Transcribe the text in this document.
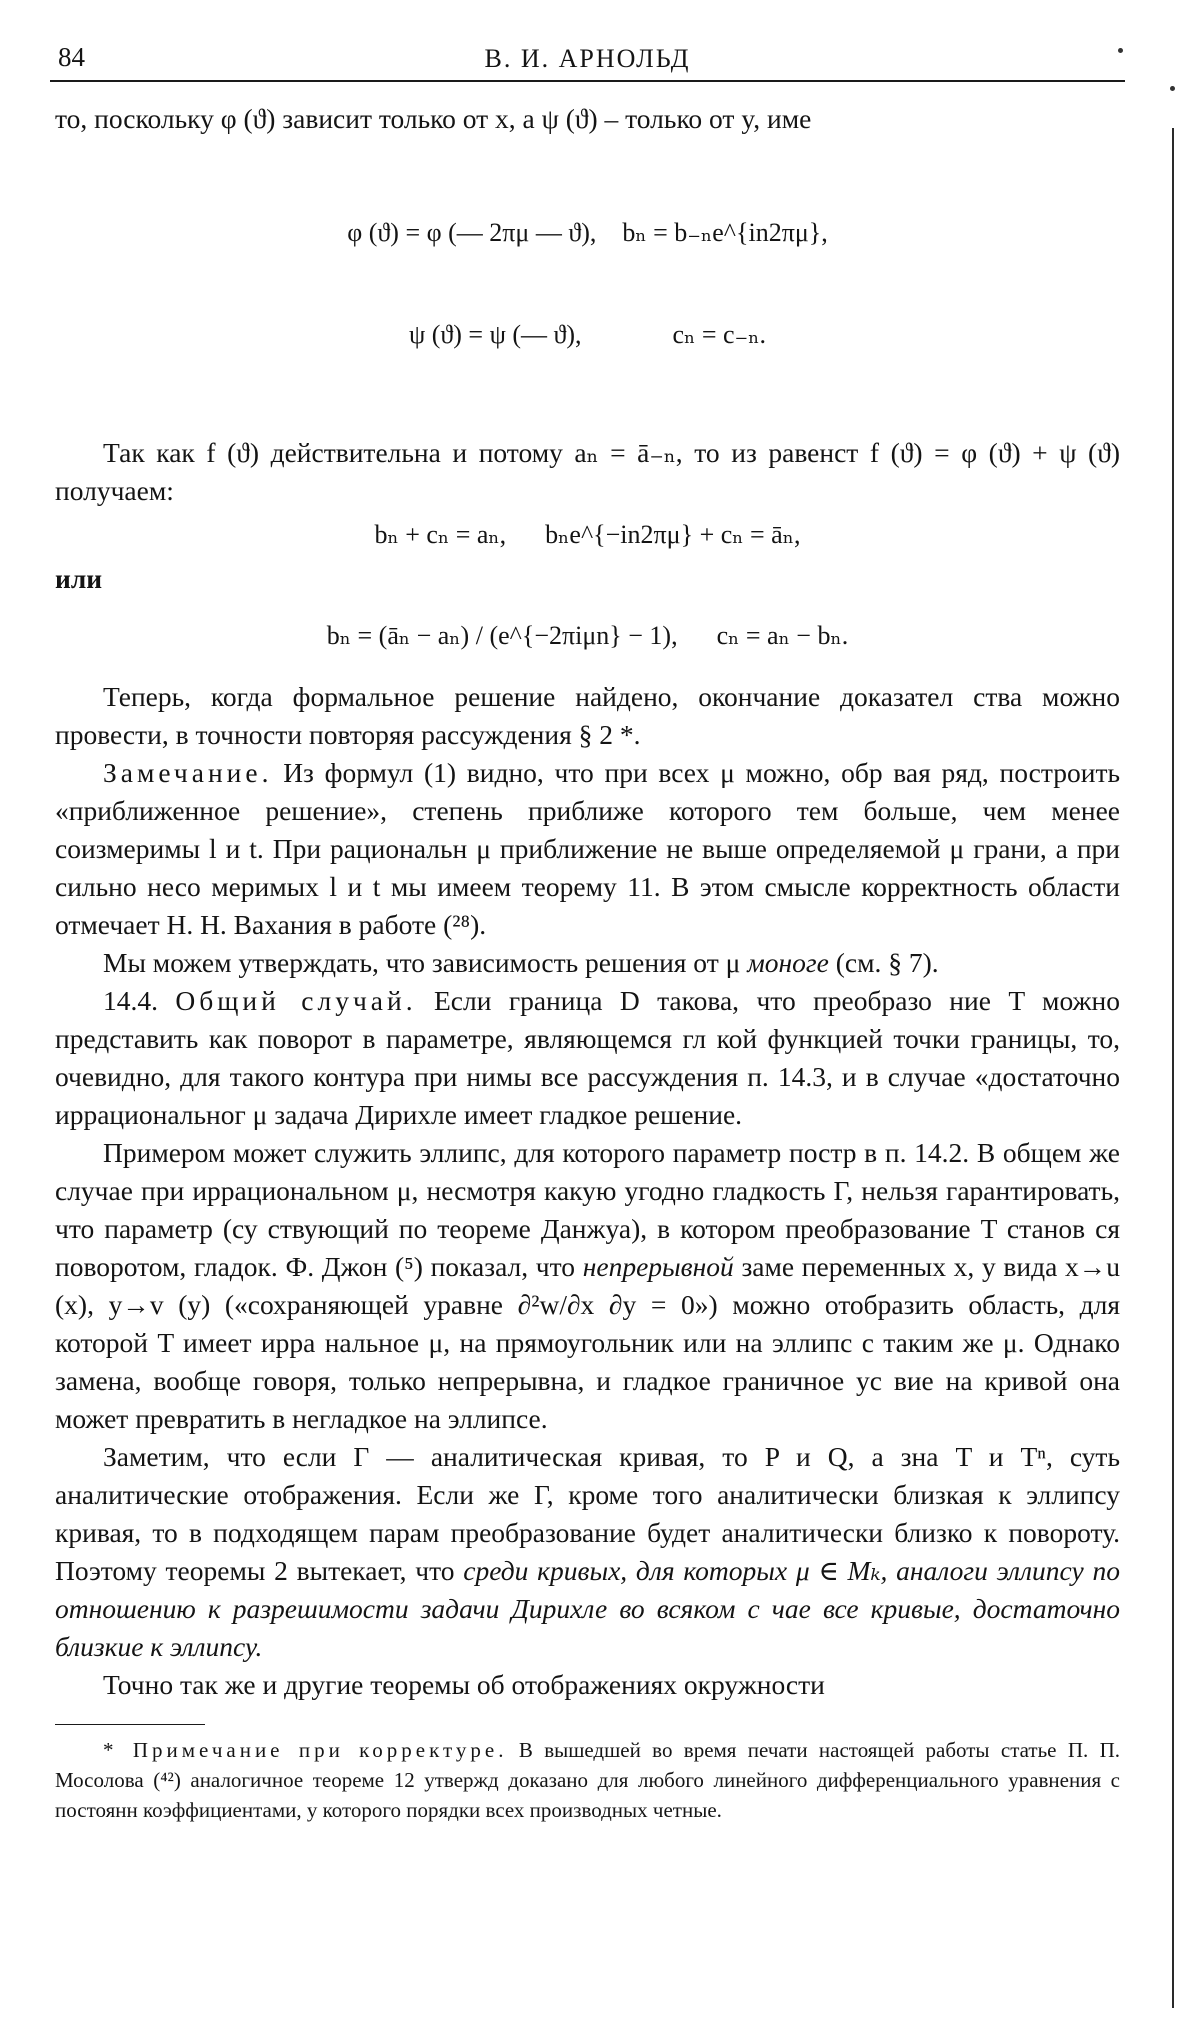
84	В. И. АРНОЛЬД

то, поскольку φ (ϑ) зависит только от x, а ψ (ϑ) – только от y, име

φ (ϑ) = φ (— 2πμ — ϑ),    bₙ = b₋ₙe^{in2πμ},

ψ (ϑ) = ψ (— ϑ),              cₙ = c₋ₙ.

Так как f (ϑ) действительна и потому aₙ = ā₋ₙ, то из равенст f (ϑ) = φ (ϑ) + ψ (ϑ) получаем:

bₙ + cₙ = aₙ,      bₙe^{−in2πμ} + cₙ = āₙ,

или

bₙ = (āₙ − aₙ) / (e^{−2πiμn} − 1),      cₙ = aₙ − bₙ.

Теперь, когда формальное решение найдено, окончание доказател ства можно провести, в точности повторяя рассуждения § 2 *.

Замечание. Из формул (1) видно, что при всех μ можно, обр вая ряд, построить «приближенное решение», степень приближе которого тем больше, чем менее соизмеримы l и t. При рациональн μ приближение не выше определяемой μ грани, а при сильно несо меримых l и t мы имеем теорему 11. В этом смысле корректность области отмечает Н. Н. Вахания в работе (²⁸).

Мы можем утверждать, что зависимость решения от μ моноге (см. § 7).

14.4. Общий случай. Если граница D такова, что преобразо ние T можно представить как поворот в параметре, являющемся гл кой функцией точки границы, то, очевидно, для такого контура при нимы все рассуждения п. 14.3, и в случае «достаточно иррациональног μ задача Дирихле имеет гладкое решение.

Примером может служить эллипс, для которого параметр постр в п. 14.2. В общем же случае при иррациональном μ, несмотря какую угодно гладкость Г, нельзя гарантировать, что параметр (су ствующий по теореме Данжуа), в котором преобразование T станов ся поворотом, гладок. Ф. Джон (⁵) показал, что непрерывной заме переменных x, y вида x→u (x), y→v (y) («сохраняющей уравне ∂²w/∂x ∂y = 0») можно отобразить область, для которой T имеет ирра нальное μ, на прямоугольник или на эллипс с таким же μ. Однако замена, вообще говоря, только непрерывна, и гладкое граничное ус вие на кривой она может превратить в негладкое на эллипсе.

Заметим, что если Г — аналитическая кривая, то P и Q, а зна T и Tⁿ, суть аналитические отображения. Если же Г, кроме того аналитически близкая к эллипсу кривая, то в подходящем парам преобразование будет аналитически близко к повороту. Поэтому теоремы 2 вытекает, что среди кривых, для которых μ ∈ Mₖ, аналоги эллипсу по отношению к разрешимости задачи Дирихле во всяком с чае все кривые, достаточно близкие к эллипсу.

Точно так же и другие теоремы об отображениях окружности

* Примечание при корректуре. В вышедшей во время печати настоящей работы статье П. П. Мосолова (⁴²) аналогичное теореме 12 утвержд доказано для любого линейного дифференциального уравнения с постоянн коэффициентами, у которого порядки всех производных четные.
